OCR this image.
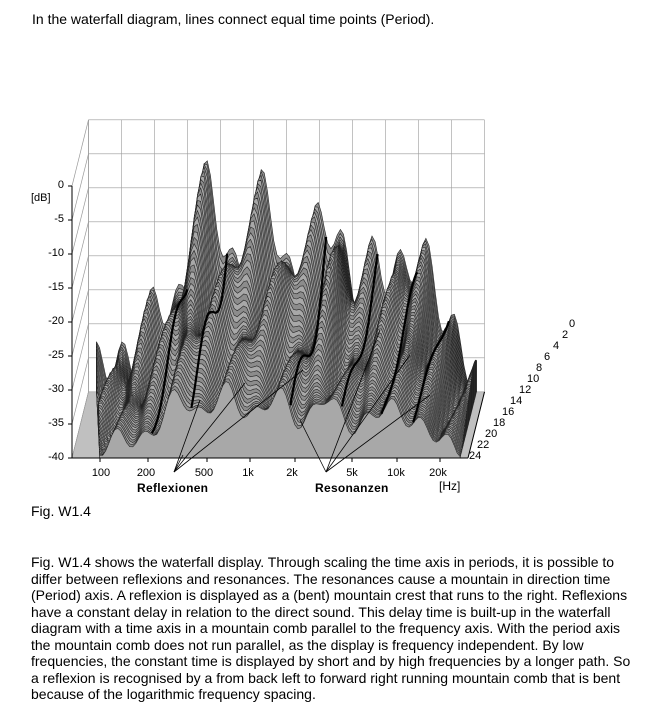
In the waterfall diagram, lines connect equal time points (Period).
[dB]
0
-5
-10
-15
-20
-25
-30
-35
-40
100	200	500	1k	2k	5k	10k	20k
0
2
4
6
8
10
12
14
16
18
20
22
24
Reflexionen	Resonanzen	[Hz]
Fig. W1.4
Fig. W1.4 shows the waterfall display. Through scaling the time axis in periods, it is possible to differ between reflexions and resonances. The resonances cause a mountain in direction time (Period) axis. A reflexion is displayed as a (bent) mountain crest that runs to the right. Reflexions have a constant delay in relation to the direct sound. This delay time is built-up in the waterfall diagram with a time axis in a mountain comb parallel to the frequency axis. With the period axis the mountain comb does not run parallel, as the display is frequency independent. By low frequencies, the constant time is displayed by short and by high frequencies by a longer path. So a reflexion is recognised by a from back left to forward right running mountain comb that is bent because of the logarithmic frequency spacing.
